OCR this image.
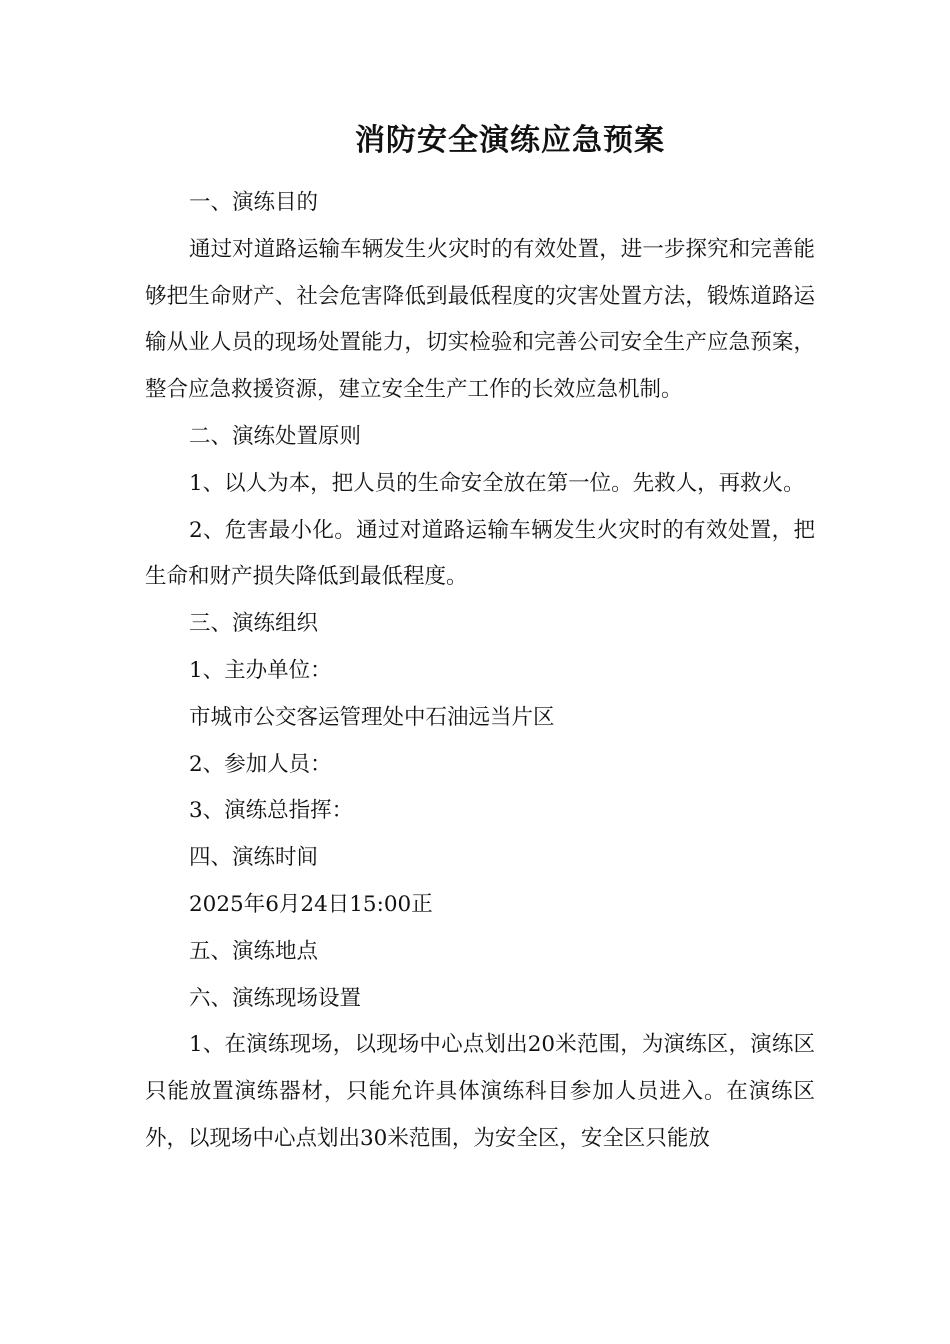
消防安全演练应急预案

一、演练目的

通过对道路运输车辆发生火灾时的有效处置，进一步探究和完善能够把生命财产、社会危害降低到最低程度的灾害处置方法，锻炼道路运输从业人员的现场处置能力，切实检验和完善公司安全生产应急预案，整合应急救援资源，建立安全生产工作的长效应急机制。

二、演练处置原则

1、以人为本，把人员的生命安全放在第一位。先救人，再救火。

2、危害最小化。通过对道路运输车辆发生火灾时的有效处置，把生命和财产损失降低到最低程度。

三、演练组织

1、主办单位：

市城市公交客运管理处中石油远当片区

2、参加人员：

3、演练总指挥：

四、演练时间

2025年6月24日15:00正

五、演练地点

六、演练现场设置

1、在演练现场，以现场中心点划出20米范围，为演练区，演练区只能放置演练器材，只能允许具体演练科目参加人员进入。在演练区外，以现场中心点划出30米范围，为安全区，安全区只能放
